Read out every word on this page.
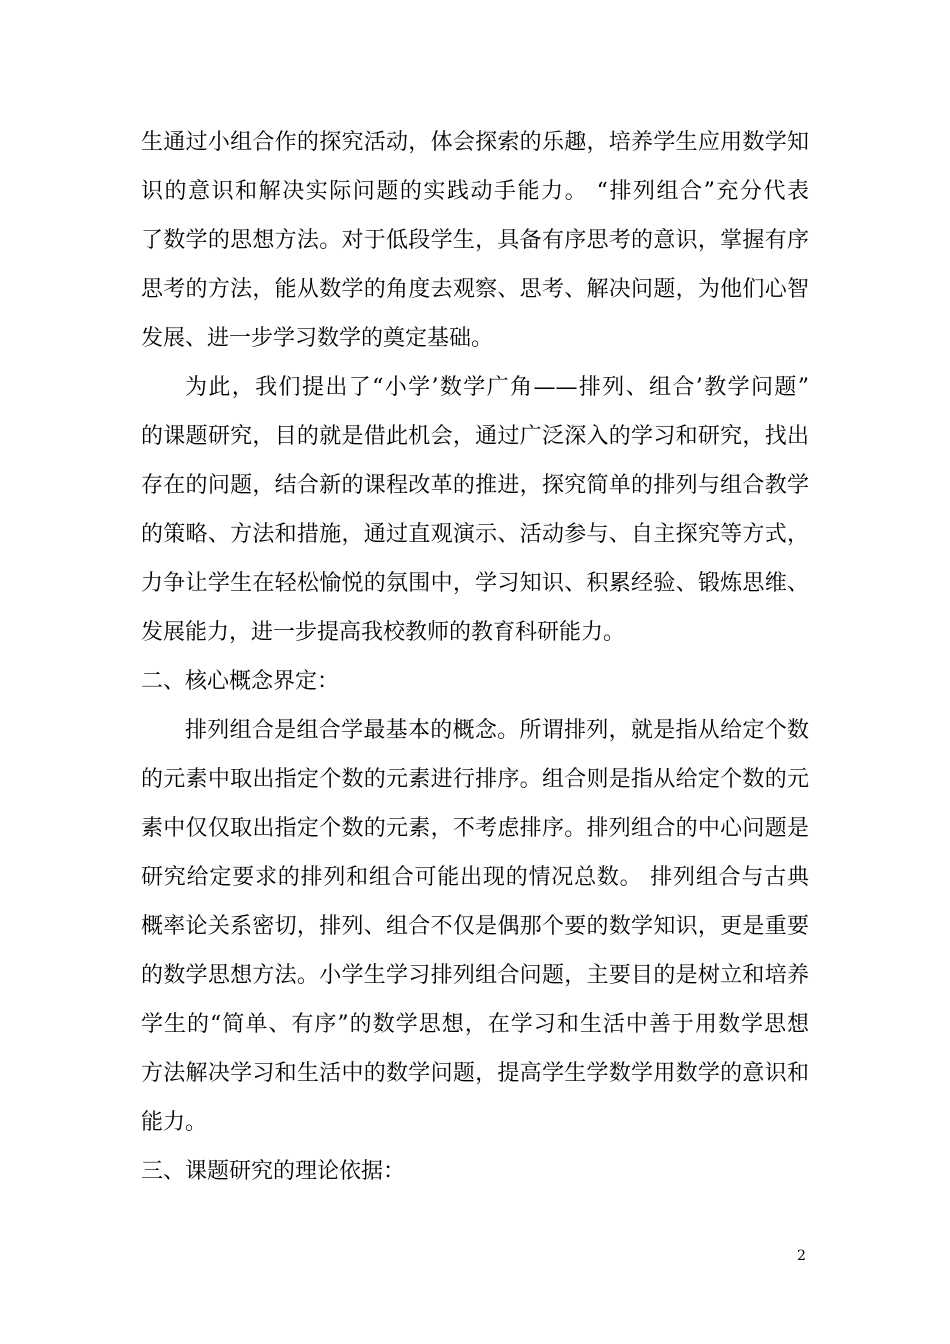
生通过小组合作的探究活动，体会探索的乐趣，培养学生应用数学知
识的意识和解决实际问题的实践动手能力。 “排列组合”充分代表
了数学的思想方法。对于低段学生，具备有序思考的意识，掌握有序
思考的方法，能从数学的角度去观察、思考、解决问题，为他们心智
发展、进一步学习数学的奠定基础。
为此，我们提出了“小学’数学广角——排列、组合’教学问题”
的课题研究，目的就是借此机会，通过广泛深入的学习和研究，找出
存在的问题，结合新的课程改革的推进，探究简单的排列与组合教学
的策略、方法和措施，通过直观演示、活动参与、自主探究等方式，
力争让学生在轻松愉悦的氛围中，学习知识、积累经验、锻炼思维、
发展能力，进一步提高我校教师的教育科研能力。
二、核心概念界定：
排列组合是组合学最基本的概念。所谓排列，就是指从给定个数
的元素中取出指定个数的元素进行排序。组合则是指从给定个数的元
素中仅仅取出指定个数的元素，不考虑排序。排列组合的中心问题是
研究给定要求的排列和组合可能出现的情况总数。 排列组合与古典
概率论关系密切，排列、组合不仅是偶那个要的数学知识，更是重要
的数学思想方法。小学生学习排列组合问题，主要目的是树立和培养
学生的“简单、有序”的数学思想，在学习和生活中善于用数学思想
方法解决学习和生活中的数学问题，提高学生学数学用数学的意识和
能力。
三、课题研究的理论依据：
2
